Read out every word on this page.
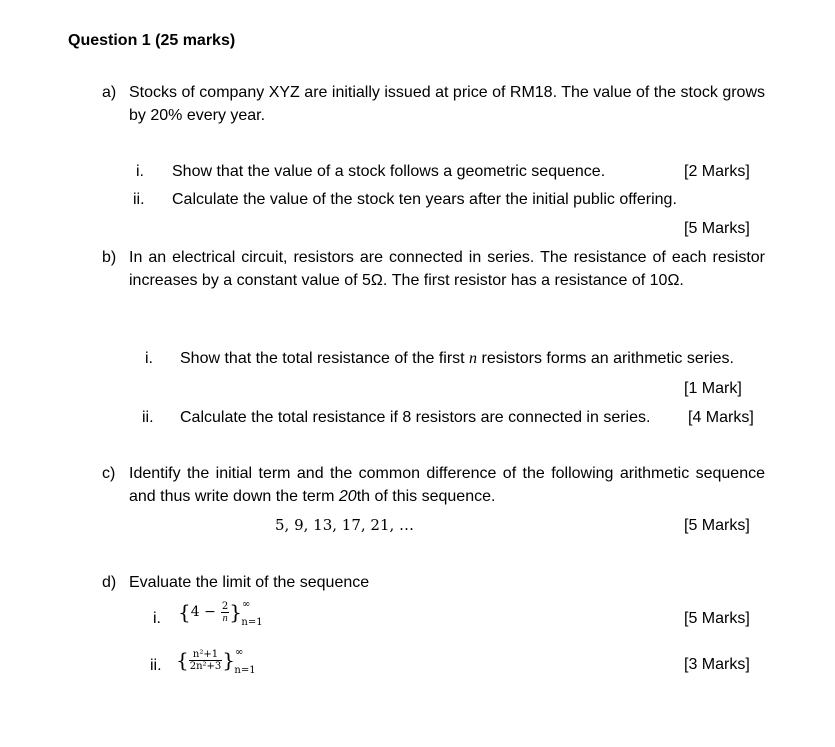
Question 1 (25 marks)
a) Stocks of company XYZ are initially issued at price of RM18. The value of the stock grows by 20% every year.
i. Show that the value of a stock follows a geometric sequence.	[2 Marks]
ii. Calculate the value of the stock ten years after the initial public offering.
[5 Marks]
b) In an electrical circuit, resistors are connected in series. The resistance of each resistor increases by a constant value of 5Ω. The first resistor has a resistance of 10Ω.
i. Show that the total resistance of the first n resistors forms an arithmetic series.
[1 Mark]
ii. Calculate the total resistance if 8 resistors are connected in series. [4 Marks]
c) Identify the initial term and the common difference of the following arithmetic sequence and thus write down the term 20th of this sequence.
5, 9, 13, 17, 21, …	[5 Marks]
d) Evaluate the limit of the sequence
i. $\{4 - \frac{2}{n} \}^\infty_{n=1}$	[5 Marks]
ii. { $\frac{\text{n²+1}}{\text{2n²+3}} \}^\infty_{n=1}$	[3 Marks]
